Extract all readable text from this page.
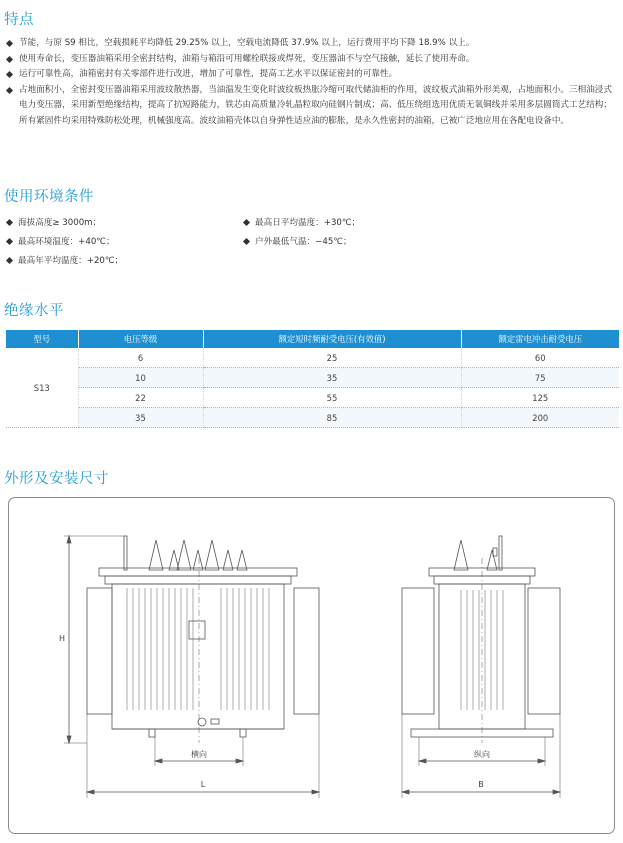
特点
节能，与原 S9 相比，空载损耗平均降低 29.25% 以上，空载电流降低 37.9% 以上，运行费用平均下降 18.9% 以上。
使用寿命长，变压器油箱采用全密封结构，油箱与箱沿可用螺栓联接或焊死，变压器油不与空气接触，延长了使用寿命。
运行可靠性高，油箱密封有关零部件进行改进，增加了可靠性，提高工艺水平以保证密封的可靠性。
占地面积小，全密封变压器油箱采用波纹散热器，当油温发生变化时波纹板热胀冷缩可取代储油柜的作用，波纹板式油箱外形美观，占地面积小。三相油浸式电力变压器，采用新型绝缘结构，提高了抗短路能力，铁芯由高质量冷轧晶粒取向硅钢片制成；高、低压绕组选用优质无氧铜线并采用多层圆筒式工艺结构；所有紧固件均采用特殊防松处理，机械强度高。波纹油箱壳体以自身弹性适应油的膨胀，是永久性密封的油箱，已被广泛地应用在各配电设备中。
使用环境条件
海拔高度≥ 3000m；
最高环境温度：+40℃；
最高年平均温度：+20℃；
最高日平均温度：+30℃；
户外最低气温：−45℃；
绝缘水平
型号	电压等级	额定短时频耐受电压(有效值)	额定雷电冲击耐受电压
S13	6	25	60
	10	35	75
	22	55	125
	35	85	200
外形及安装尺寸
H
横向
L
纵向
B
